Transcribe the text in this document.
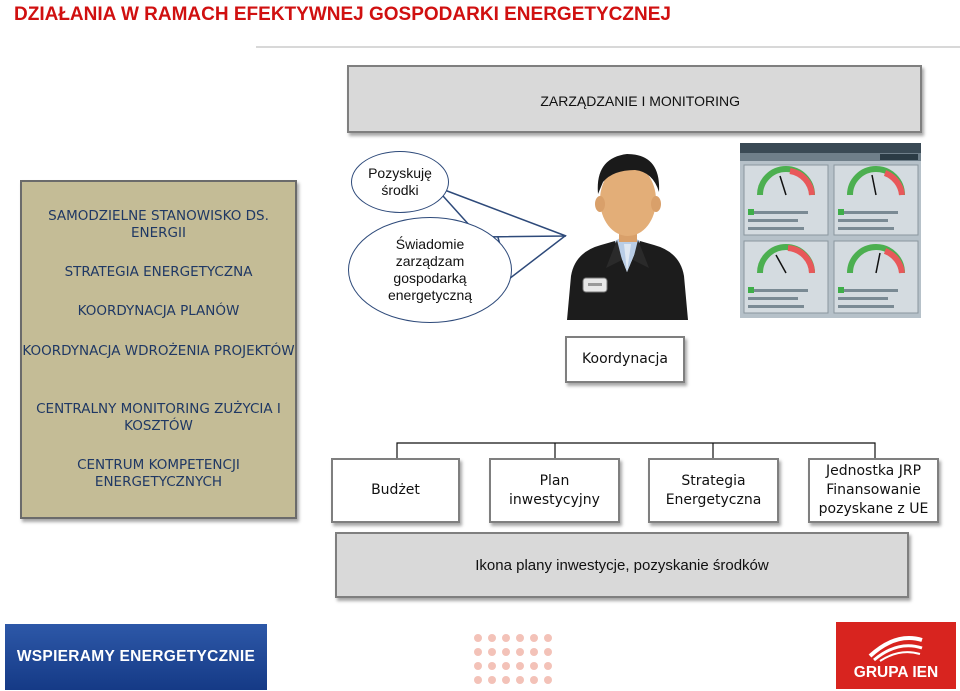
DZIAŁANIA W RAMACH EFEKTYWNEJ GOSPODARKI ENERGETYCZNEJ
ZARZĄDZANIE I MONITORING
SAMODZIELNE STANOWISKO DS. ENERGII
STRATEGIA ENERGETYCZNA
KOORDYNACJA PLANÓW
KOORDYNACJA WDROŻENIA PROJEKTÓW
CENTRALNY MONITORING ZUŻYCIA I KOSZTÓW
CENTRUM KOMPETENCJI ENERGETYCZNYCH
Pozyskuję środki
Świadomie zarządzam gospodarką energetyczną
Koordynacja
Budżet
Plan inwestycyjny
Strategia Energetyczna
Jednostka JRP Finansowanie pozyskane z UE
Ikona plany inwestycje, pozyskanie środków
WSPIERAMY ENERGETYCZNIE
GRUPA IEN
